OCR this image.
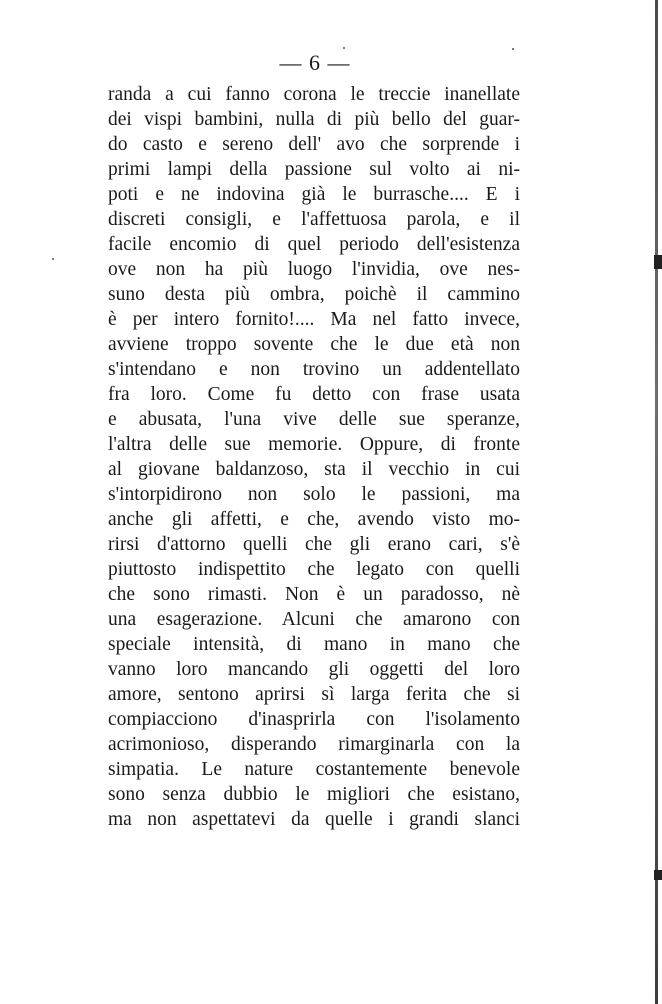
— 6 —
randa a cui fanno corona le treccie inanellate
dei vispi bambini, nulla di più bello del guar-
do casto e sereno dell' avo che sorprende i
primi lampi della passione sul volto ai ni-
poti e ne indovina già le burrasche.... E i
discreti consigli, e l'affettuosa parola, e il
facile encomio di quel periodo dell'esistenza
ove non ha più luogo l'invidia, ove nes-
suno desta più ombra, poichè il cammino
è per intero fornito!.... Ma nel fatto invece,
avviene troppo sovente che le due età non
s'intendano e non trovino un addentellato
fra loro. Come fu detto con frase usata
e abusata, l'una vive delle sue speranze,
l'altra delle sue memorie. Oppure, di fronte
al giovane baldanzoso, sta il vecchio in cui
s'intorpidirono non solo le passioni, ma
anche gli affetti, e che, avendo visto mo-
rirsi d'attorno quelli che gli erano cari, s'è
piuttosto indispettito che legato con quelli
che sono rimasti. Non è un paradosso, nè
una esagerazione. Alcuni che amarono con
speciale intensità, di mano in mano che
vanno loro mancando gli oggetti del loro
amore, sentono aprirsi sì larga ferita che si
compiacciono d'inasprirla con l'isolamento
acrimonioso, disperando rimarginarla con la
simpatia. Le nature costantemente benevole
sono senza dubbio le migliori che esistano,
ma non aspettatevi da quelle i grandi slanci
